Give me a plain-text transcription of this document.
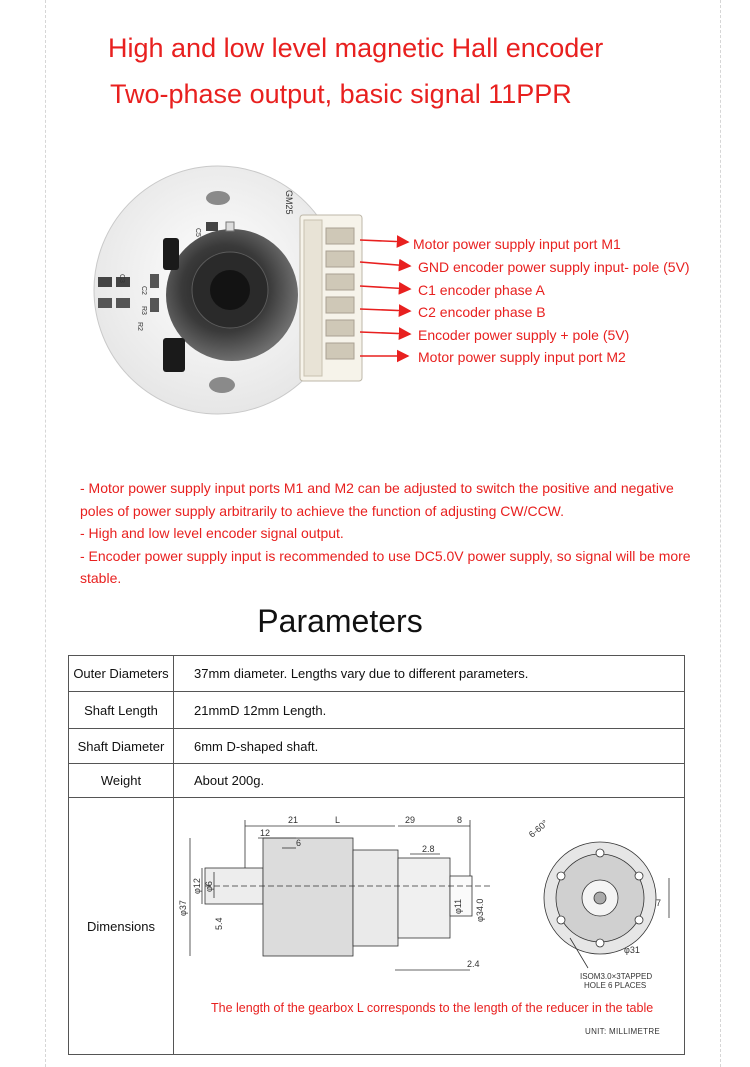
High and low level magnetic Hall encoder
Two-phase output, basic signal 11PPR
GM25
C5
C3
C2
R3
R2
Motor power supply input port M1
GND encoder power supply input- pole (5V)
C1 encoder phase A
C2 encoder phase B
Encoder power supply + pole (5V)
Motor power supply input port M2

- Motor power supply input ports M1 and M2 can be adjusted to switch the positive and negative poles of power supply arbitrarily to achieve the function of adjusting CW/CCW.

- High and low level encoder signal output.

- Encoder power supply input is recommended to use DC5.0V power supply, so signal will be more stable.

Parameters
Outer Diameters	37mm diameter. Lengths vary due to different parameters.
Shaft Length	21mmD 12mm Length.
Shaft Diameter	6mm D-shaped shaft.
Weight	About 200g.
Dimensions	
21	L	29	8
12
6
2.8
φ37
φ12 φ6
5.4
φ11 φ34.0
2.4
6-60°
7
φ31
ISOM3.0×3TAPPED
HOLE 6 PLACES
The length of the gearbox L corresponds to the length of the reducer in the table
UNIT: MILLIMETRE
